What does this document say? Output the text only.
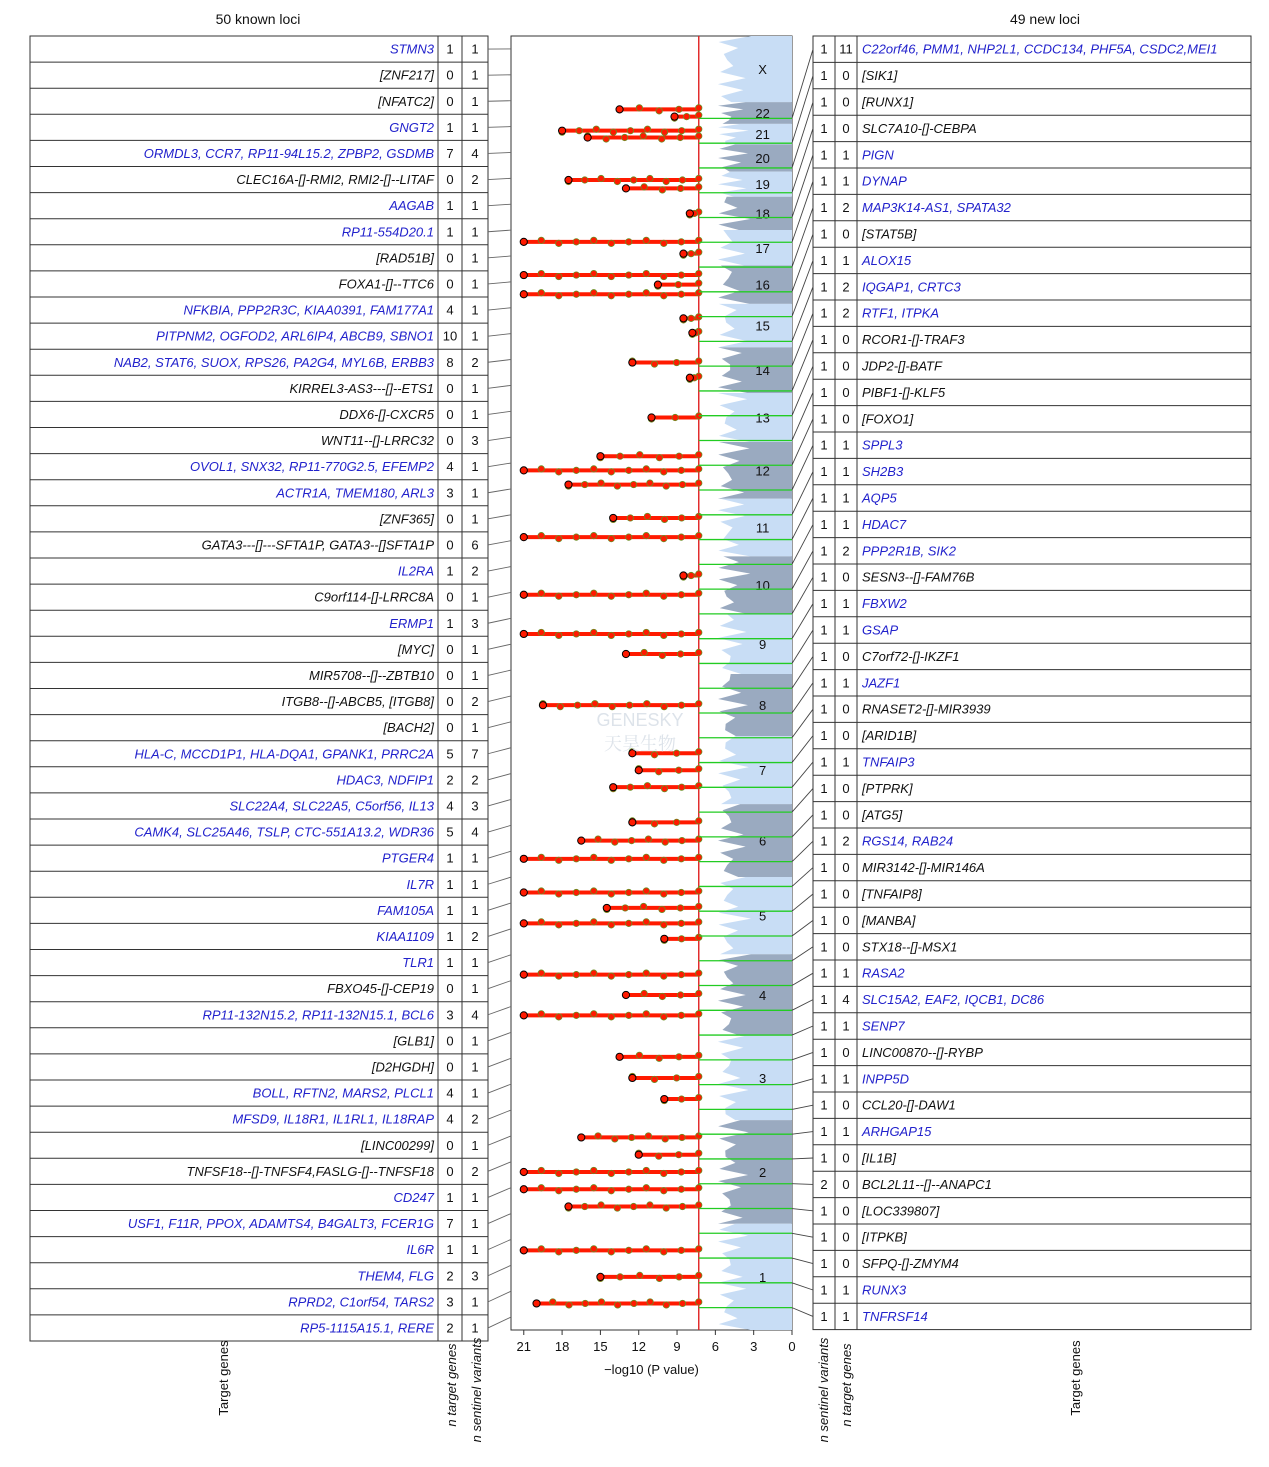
50 known loci	49 new loci
STMN3 1 1
[ZNF217] 0 1
[NFATC2] 0 1
GNGT2 1 1
ORMDL3, CCR7, RP11-94L15.2, ZPBP2, GSDMB 7 4
CLEC16A-[]-RMI2, RMI2-[]--LITAF 0 2
AAGAB 1 1
RP11-554D20.1 1 1
[RAD51B] 0 1
FOXA1-[]--TTC6 0 1
NFKBIA, PPP2R3C, KIAA0391, FAM177A1 4 1
PITPNM2, OGFOD2, ARL6IP4, ABCB9, SBNO1 10 1
NAB2, STAT6, SUOX, RPS26, PA2G4, MYL6B, ERBB3 8 2
KIRREL3-AS3---[]--ETS1 0 1
DDX6-[]-CXCR5 0 1
WNT11--[]-LRRC32 0 3
OVOL1, SNX32, RP11-770G2.5, EFEMP2 4 1
ACTR1A, TMEM180, ARL3 3 1
[ZNF365] 0 1
GATA3---[]---SFTA1P, GATA3--[]SFTA1P 0 6
IL2RA 1 2
C9orf114-[]-LRRC8A 0 1
ERMP1 1 3
[MYC] 0 1
MIR5708--[]--ZBTB10 0 1
ITGB8--[]-ABCB5, [ITGB8] 0 2
[BACH2] 0 1
HLA-C, MCCD1P1, HLA-DQA1, GPANK1, PRRC2A 5 7
HDAC3, NDFIP1 2 2
SLC22A4, SLC22A5, C5orf56, IL13 4 3
CAMK4, SLC25A46, TSLP, CTC-551A13.2, WDR36 5 4
PTGER4 1 1
IL7R 1 1
FAM105A 1 1
KIAA1109 1 2
TLR1 1 1
FBXO45-[]-CEP19 0 1
RP11-132N15.2, RP11-132N15.1, BCL6 3 4
[GLB1] 0 1
[D2HGDH] 0 1
BOLL, RFTN2, MARS2, PLCL1 4 1
MFSD9, IL18R1, IL1RL1, IL18RAP 4 2
[LINC00299] 0 1
TNFSF18--[]-TNFSF4,FASLG-[]--TNFSF18 0 2
CD247 1 1
USF1, F11R, PPOX, ADAMTS4, B4GALT3, FCER1G 7 1
IL6R 1 1
THEM4, FLG 2 3
RPRD2, C1orf54, TARS2 3 1
RP5-1115A15.1, RERE 2 1
1 11 C22orf46, PMM1, NHP2L1, CCDC134, PHF5A, CSDC2,MEI1
1 0 [SIK1]
1 0 [RUNX1]
1 0 SLC7A10-[]-CEBPA
1 1 PIGN
1 1 DYNAP
1 2 MAP3K14-AS1, SPATA32
1 0 [STAT5B]
1 1 ALOX15
1 2 IQGAP1, CRTC3
1 2 RTF1, ITPKA
1 0 RCOR1-[]-TRAF3
1 0 JDP2-[]-BATF
1 0 PIBF1-[]-KLF5
1 0 [FOXO1]
1 1 SPPL3
1 1 SH2B3
1 1 AQP5
1 1 HDAC7
1 2 PPP2R1B, SIK2
1 0 SESN3--[]-FAM76B
1 1 FBXW2
1 1 GSAP
1 0 C7orf72-[]-IKZF1
1 1 JAZF1
1 0 RNASET2-[]-MIR3939
1 0 [ARID1B]
1 1 TNFAIP3
1 0 [PTPRK]
1 0 [ATG5]
1 2 RGS14, RAB24
1 0 MIR3142-[]-MIR146A
1 0 [TNFAIP8]
1 0 [MANBA]
1 0 STX18--[]-MSX1
1 1 RASA2
1 4 SLC15A2, EAF2, IQCB1, DC86
1 1 SENP7
1 0 LINC00870--[]-RYBP
1 1 INPP5D
1 0 CCL20-[]-DAW1
1 1 ARHGAP15
1 0 [IL1B]
2 0 BCL2L11--[]--ANAPC1
1 0 [LOC339807]
1 0 [ITPKB]
1 0 SFPQ-[]-ZMYM4
1 1 RUNX3
1 1 TNFRSF14
X
22
21
20
19
18
17
16
15
14
13
12
11
10
9
8
7
6
5
4
3
2
1
21 18 15 12 9 6 3 0
−log10 (P value)
Target genes	n target genes n sentinel variants	n sentinel variants n target genes	Target genes
GENESKY
天昊生物
